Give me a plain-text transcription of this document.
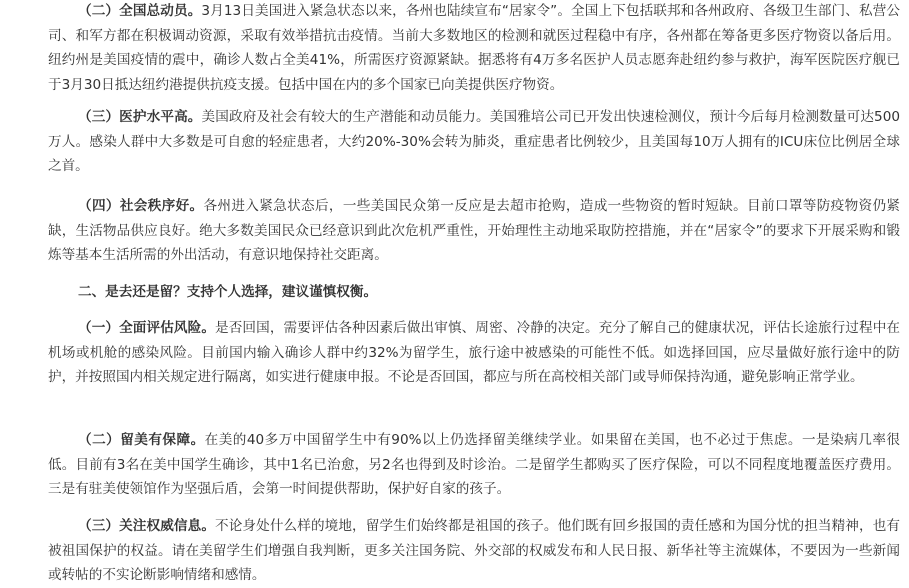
（二）全国总动员。3月13日美国进入紧急状态以来，各州也陆续宣布“居家令”。全国上下包括联邦和各州政府、各级卫生部门、私营公司、和军方都在积极调动资源，采取有效举措抗击疫情。当前大多数地区的检测和就医过程稳中有序，各州都在筹备更多医疗物资以备后用。纽约州是美国疫情的震中，确诊人数占全美41%，所需医疗资源紧缺。据悉将有4万多名医护人员志愿奔赴纽约参与救护，海军医院医疗舰已于3月30日抵达纽约港提供抗疫支援。包括中国在内的多个国家已向美提供医疗物资。

（三）医护水平高。美国政府及社会有较大的生产潜能和动员能力。美国雅培公司已开发出快速检测仪，预计今后每月检测数量可达500万人。感染人群中大多数是可自愈的轻症患者，大约20%-30%会转为肺炎，重症患者比例较少，且美国每10万人拥有的ICU床位比例居全球之首。

（四）社会秩序好。各州进入紧急状态后，一些美国民众第一反应是去超市抢购，造成一些物资的暂时短缺。目前口罩等防疫物资仍紧缺，生活物品供应良好。绝大多数美国民众已经意识到此次危机严重性，开始理性主动地采取防控措施，并在“居家令”的要求下开展采购和锻炼等基本生活所需的外出活动，有意识地保持社交距离。

二、是去还是留？支持个人选择，建议谨慎权衡。

（一）全面评估风险。是否回国，需要评估各种因素后做出审慎、周密、冷静的决定。充分了解自己的健康状况，评估长途旅行过程中在机场或机舱的感染风险。目前国内输入确诊人群中约32%为留学生，旅行途中被感染的可能性不低。如选择回国，应尽量做好旅行途中的防护，并按照国内相关规定进行隔离，如实进行健康申报。不论是否回国，都应与所在高校相关部门或导师保持沟通，避免影响正常学业。

（二）留美有保障。在美的40多万中国留学生中有90%以上仍选择留美继续学业。如果留在美国，也不必过于焦虑。一是染病几率很低。目前有3名在美中国学生确诊，其中1名已治愈，另2名也得到及时诊治。二是留学生都购买了医疗保险，可以不同程度地覆盖医疗费用。三是有驻美使领馆作为坚强后盾，会第一时间提供帮助，保护好自家的孩子。

（三）关注权威信息。不论身处什么样的境地，留学生们始终都是祖国的孩子。他们既有回乡报国的责任感和为国分忧的担当精神，也有被祖国保护的权益。请在美留学生们增强自我判断，更多关注国务院、外交部的权威发布和人民日报、新华社等主流媒体，不要因为一些新闻或转帖的不实论断影响情绪和感情。
